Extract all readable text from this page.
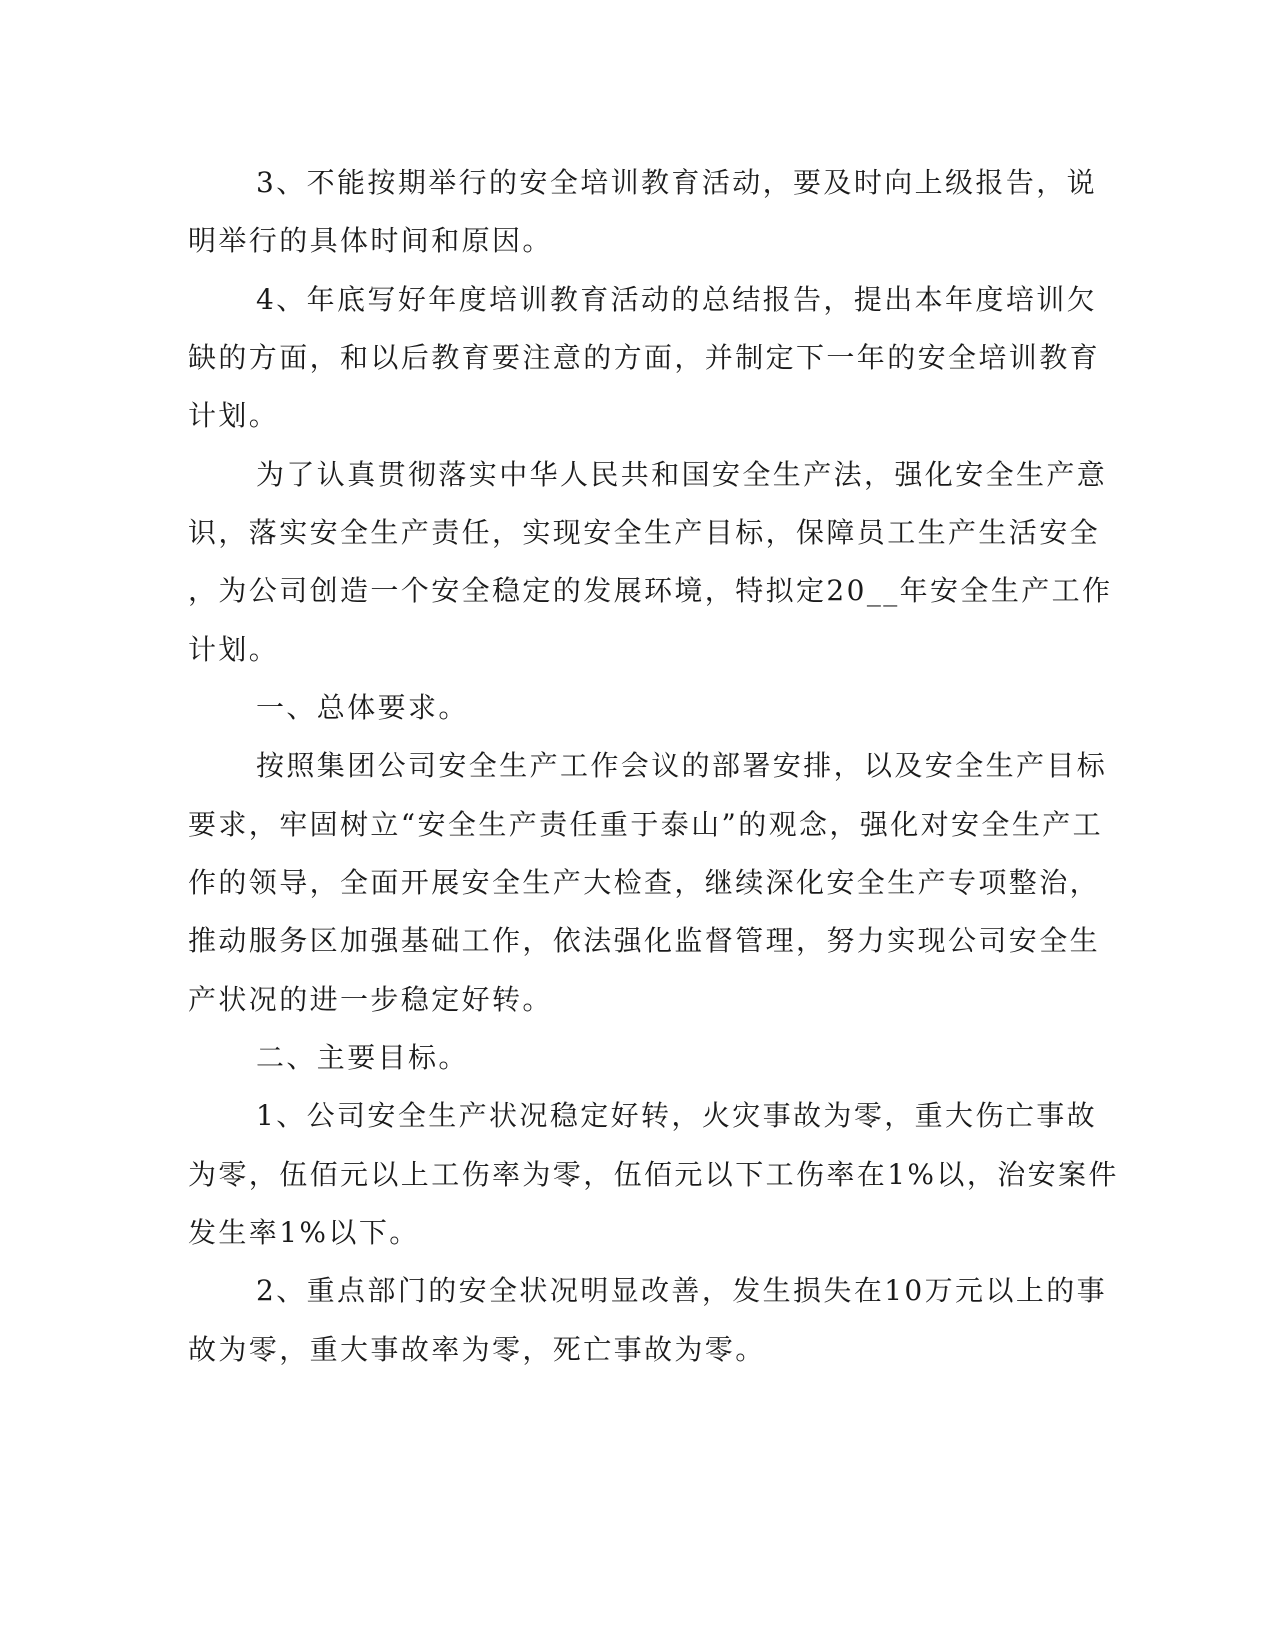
3、不能按期举行的安全培训教育活动，要及时向上级报告，说
明举行的具体时间和原因。
4、年底写好年度培训教育活动的总结报告，提出本年度培训欠
缺的方面，和以后教育要注意的方面，并制定下一年的安全培训教育
计划。
为了认真贯彻落实中华人民共和国安全生产法，强化安全生产意
识，落实安全生产责任，实现安全生产目标，保障员工生产生活安全
，为公司创造一个安全稳定的发展环境，特拟定20__年安全生产工作
计划。
一、总体要求。
按照集团公司安全生产工作会议的部署安排，以及安全生产目标
要求，牢固树立“安全生产责任重于泰山”的观念，强化对安全生产工
作的领导，全面开展安全生产大检查，继续深化安全生产专项整治，
推动服务区加强基础工作，依法强化监督管理，努力实现公司安全生
产状况的进一步稳定好转。
二、主要目标。
1、公司安全生产状况稳定好转，火灾事故为零，重大伤亡事故
为零，伍佰元以上工伤率为零，伍佰元以下工伤率在1%以，治安案件
发生率1%以下。
2、重点部门的安全状况明显改善，发生损失在10万元以上的事
故为零，重大事故率为零，死亡事故为零。
